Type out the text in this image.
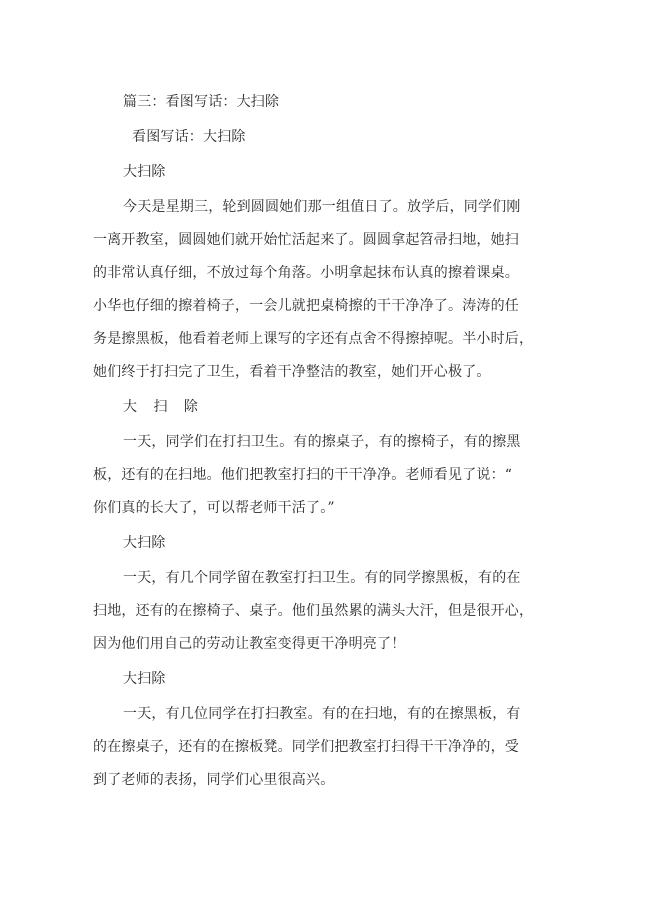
篇三：看图写话：大扫除

看图写话：大扫除

大扫除

今天是星期三，轮到圆圆她们那一组值日了。放学后，同学们刚
一离开教室，圆圆她们就开始忙活起来了。圆圆拿起笤帚扫地，她扫
的非常认真仔细，不放过每个角落。小明拿起抹布认真的擦着课桌。
小华也仔细的擦着椅子，一会儿就把桌椅擦的干干净净了。涛涛的任
务是擦黑板，他看着老师上课写的字还有点舍不得擦掉呢。半小时后，
她们终于打扫完了卫生，看着干净整洁的教室，她们开心极了。

大 扫 除

一天，同学们在打扫卫生。有的擦桌子，有的擦椅子，有的擦黑
板，还有的在扫地。他们把教室打扫的干干净净。老师看见了说：“
你们真的长大了，可以帮老师干活了。”

大扫除

一天，有几个同学留在教室打扫卫生。有的同学擦黑板，有的在
扫地，还有的在擦椅子、桌子。他们虽然累的满头大汗，但是很开心，
因为他们用自己的劳动让教室变得更干净明亮了！

大扫除

一天，有几位同学在打扫教室。有的在扫地，有的在擦黑板，有
的在擦桌子，还有的在擦板凳。同学们把教室打扫得干干净净的，受
到了老师的表扬，同学们心里很高兴。
